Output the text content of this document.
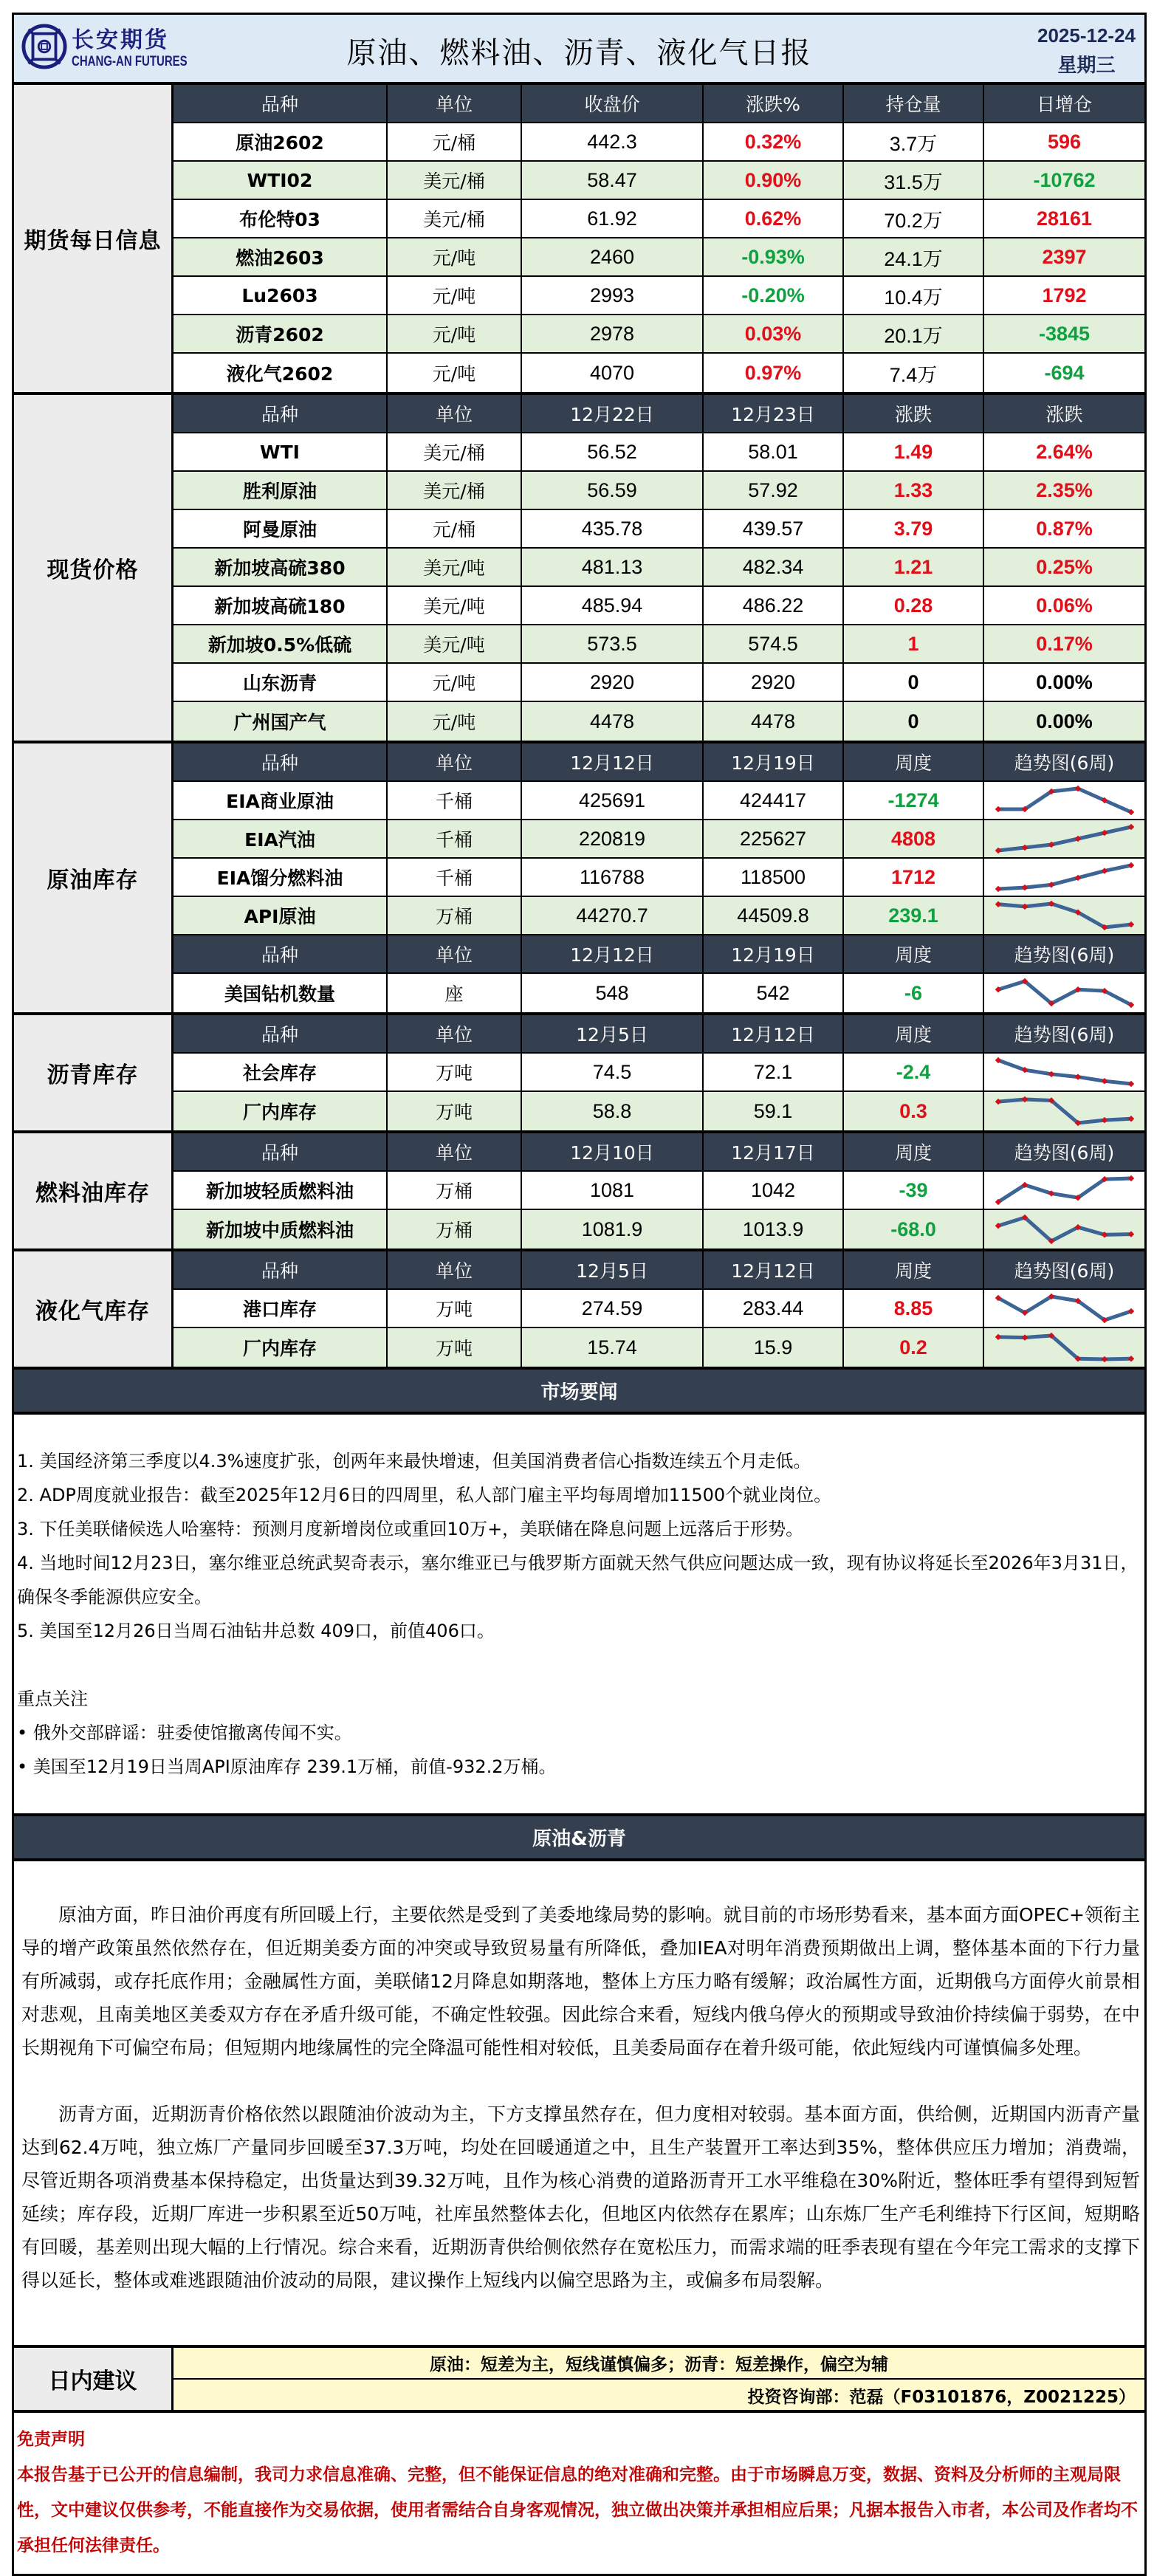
长安期货
CHANG-AN FUTURES	原油、燃料油、沥青、液化气日报
2025-12-24
星期三
期货每日信息
品种	单位	收盘价	涨跌%	持仓量	日增仓
原油2602	元/桶	442.3	0.32%	3.7万	596
WTI02	美元/桶	58.47	0.90%	31.5万	-10762
布伦特03	美元/桶	61.92	0.62%	70.2万	28161
燃油2603	元/吨	2460	-0.93%	24.1万	2397
Lu2603	元/吨	2993	-0.20%	10.4万	1792
沥青2602	元/吨	2978	0.03%	20.1万	-3845
液化气2602	元/吨	4070	0.97%	7.4万	-694
现货价格
品种	单位	12月22日	12月23日	涨跌	涨跌
WTI	美元/桶	56.52	58.01	1.49	2.64%
胜利原油	美元/桶	56.59	57.92	1.33	2.35%
阿曼原油	元/桶	435.78	439.57	3.79	0.87%
新加坡高硫380	美元/吨	481.13	482.34	1.21	0.25%
新加坡高硫180	美元/吨	485.94	486.22	0.28	0.06%
新加坡0.5%低硫	美元/吨	573.5	574.5	1	0.17%
山东沥青	元/吨	2920	2920	0	0.00%
广州国产气	元/吨	4478	4478	0	0.00%
原油库存
品种	单位	12月12日	12月19日	周度	趋势图(6周)
EIA商业原油	千桶	425691	424417	-1274
EIA汽油	千桶	220819	225627	4808
EIA馏分燃料油	千桶	116788	118500	1712
API原油	万桶	44270.7	44509.8	239.1
品种	单位	12月12日	12月19日	周度	趋势图(6周)
美国钻机数量	座	548	542	-6
沥青库存
品种	单位	12月5日	12月12日	周度	趋势图(6周)
社会库存	万吨	74.5	72.1	-2.4
厂内库存	万吨	58.8	59.1	0.3
燃料油库存
品种	单位	12月10日	12月17日	周度	趋势图(6周)
新加坡轻质燃料油	万桶	1081	1042	-39
新加坡中质燃料油	万桶	1081.9	1013.9	-68.0
液化气库存
品种	单位	12月5日	12月12日	周度	趋势图(6周)
港口库存	万吨	274.59	283.44	8.85
厂内库存	万吨	15.74	15.9	0.2
市场要闻
1. 美国经济第三季度以4.3%速度扩张，创两年来最快增速，但美国消费者信心指数连续五个月走低。
2. ADP周度就业报告：截至2025年12月6日的四周里，私人部门雇主平均每周增加11500个就业岗位。
3. 下任美联储候选人哈塞特：预测月度新增岗位或重回10万+，美联储在降息问题上远落后于形势。
4. 当地时间12月23日，塞尔维亚总统武契奇表示，塞尔维亚已与俄罗斯方面就天然气供应问题达成一致，现有协议将延长至2026年3月31日，确保冬季能源供应安全。
5. 美国至12月26日当周石油钻井总数 409口，前值406口。
重点关注
• 俄外交部辟谣：驻委使馆撤离传闻不实。
• 美国至12月19日当周API原油库存 239.1万桶，前值-932.2万桶。
原油&沥青

原油方面，昨日油价再度有所回暖上行，主要依然是受到了美委地缘局势的影响。就目前的市场形势看来，基本面方面OPEC+领衔主导的增产政策虽然依然存在，但近期美委方面的冲突或导致贸易量有所降低，叠加IEA对明年消费预期做出上调，整体基本面的下行力量有所减弱，或存托底作用；金融属性方面，美联储12月降息如期落地，整体上方压力略有缓解；政治属性方面，近期俄乌方面停火前景相对悲观，且南美地区美委双方存在矛盾升级可能，不确定性较强。因此综合来看，短线内俄乌停火的预期或导致油价持续偏于弱势，在中长期视角下可偏空布局；但短期内地缘属性的完全降温可能性相对较低，且美委局面存在着升级可能，依此短线内可谨慎偏多处理。

沥青方面，近期沥青价格依然以跟随油价波动为主，下方支撑虽然存在，但力度相对较弱。基本面方面，供给侧，近期国内沥青产量达到62.4万吨，独立炼厂产量同步回暖至37.3万吨，均处在回暖通道之中，且生产装置开工率达到35%，整体供应压力增加；消费端，尽管近期各项消费基本保持稳定，出货量达到39.32万吨，且作为核心消费的道路沥青开工水平维稳在30%附近，整体旺季有望得到短暂延续；库存段，近期厂库进一步积累至近50万吨，社库虽然整体去化，但地区内依然存在累库；山东炼厂生产毛利维持下行区间，短期略有回暖，基差则出现大幅的上行情况。综合来看，近期沥青供给侧依然存在宽松压力，而需求端的旺季表现有望在今年完工需求的支撑下得以延长，整体或难逃跟随油价波动的局限，建议操作上短线内以偏空思路为主，或偏多布局裂解。

日内建议
原油：短差为主，短线谨慎偏多；沥青：短差操作，偏空为辅
投资咨询部：范磊（F03101876，Z0021225）
免责声明
本报告基于已公开的信息编制，我司力求信息准确、完整，但不能保证信息的绝对准确和完整。由于市场瞬息万变，数据、资料及分析师的主观局限性，文中建议仅供参考，不能直接作为交易依据，使用者需结合自身客观情况，独立做出决策并承担相应后果；凡据本报告入市者，本公司及作者均不承担任何法律责任。
